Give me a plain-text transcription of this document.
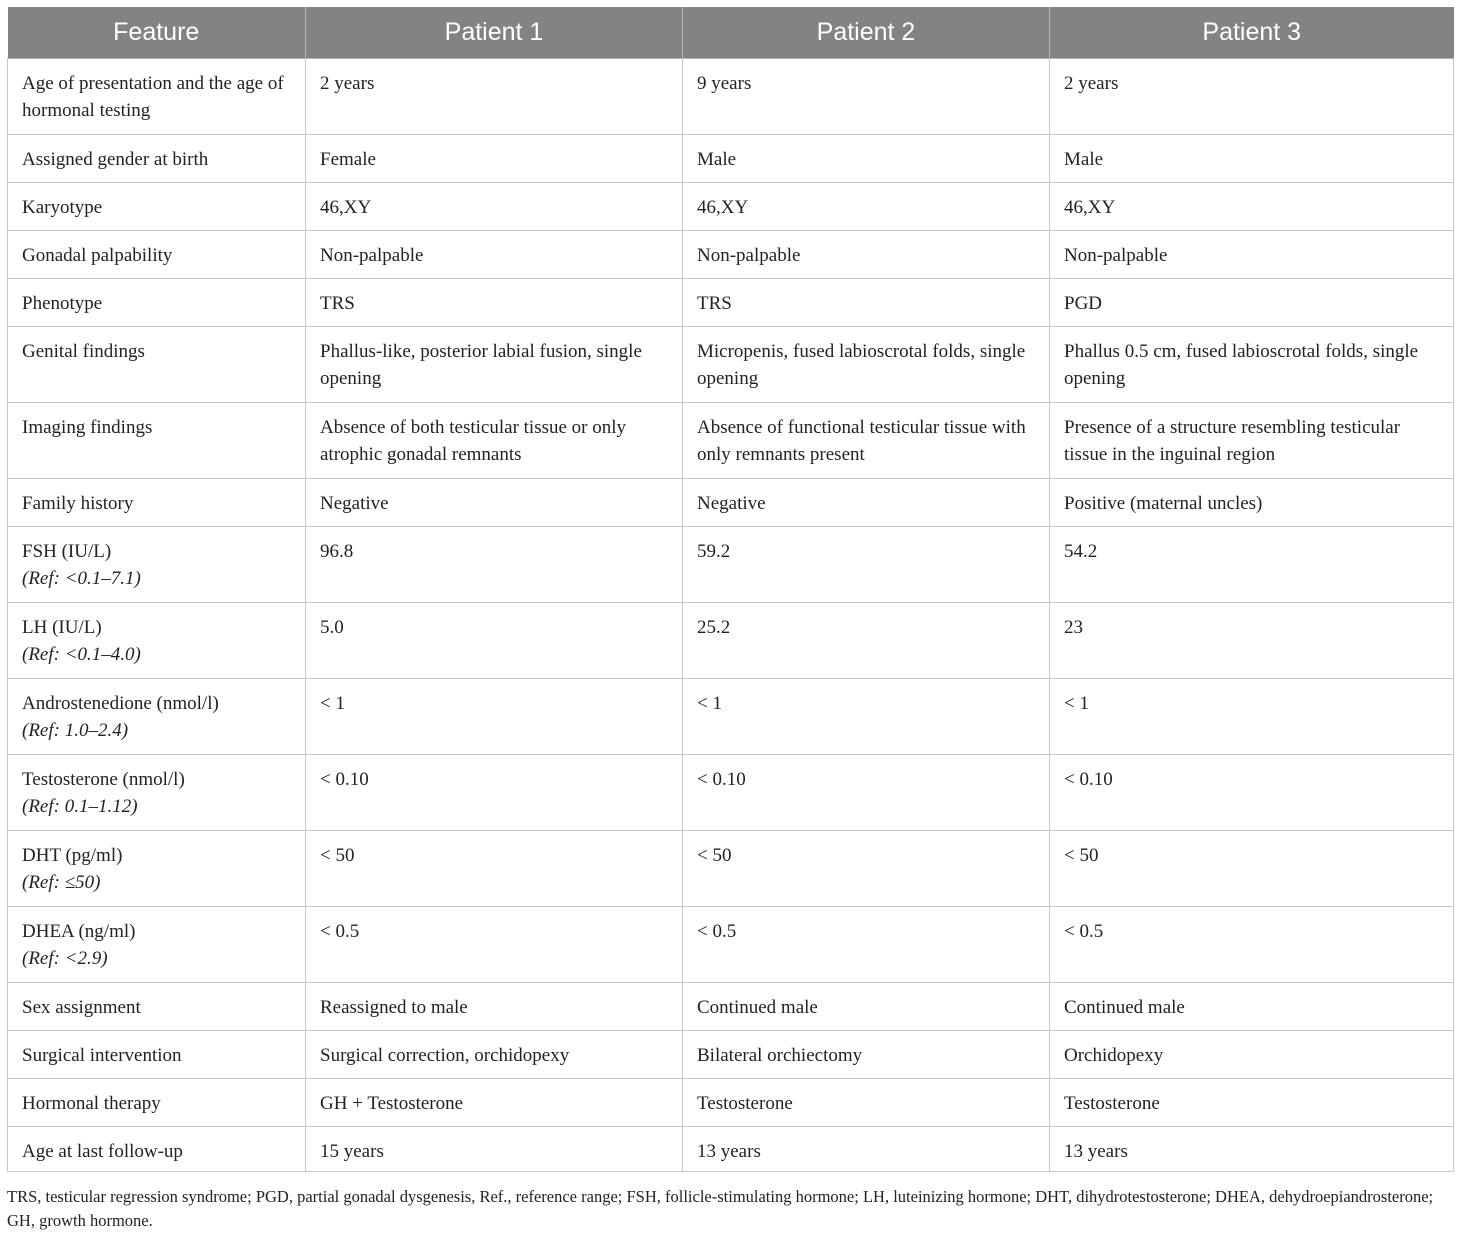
Feature	Patient 1	Patient 2	Patient 3
Age of presentation and the age of hormonal testing	2 years	9 years	2 years
Assigned gender at birth	Female	Male	Male
Karyotype	46,XY	46,XY	46,XY
Gonadal palpability	Non-palpable	Non-palpable	Non-palpable
Phenotype	TRS	TRS	PGD
Genital findings	Phallus-like, posterior labial fusion, single opening	Micropenis, fused labioscrotal folds, single opening	Phallus 0.5 cm, fused labioscrotal folds, single opening
Imaging findings	Absence of both testicular tissue or only atrophic gonadal remnants	Absence of functional testicular tissue with only remnants present	Presence of a structure resembling testicular tissue in the inguinal region
Family history	Negative	Negative	Positive (maternal uncles)
FSH (IU/L)
(Ref: <0.1–7.1)	96.8	59.2	54.2
LH (IU/L)
(Ref: <0.1–4.0)	5.0	25.2	23
Androstenedione (nmol/l)
(Ref: 1.0–2.4)	< 1	< 1	< 1
Testosterone (nmol/l)
(Ref: 0.1–1.12)	< 0.10	< 0.10	< 0.10
DHT (pg/ml)
(Ref: ≤50)	< 50	< 50	< 50
DHEA (ng/ml)
(Ref: <2.9)	< 0.5	< 0.5	< 0.5
Sex assignment	Reassigned to male	Continued male	Continued male
Surgical intervention	Surgical correction, orchidopexy	Bilateral orchiectomy	Orchidopexy
Hormonal therapy	GH + Testosterone	Testosterone	Testosterone
Age at last follow-up	15 years	13 years	13 years
TRS, testicular regression syndrome; PGD, partial gonadal dysgenesis, Ref., reference range; FSH, follicle-stimulating hormone; LH, luteinizing hormone; DHT, dihydrotestosterone; DHEA, dehydroepiandrosterone; GH, growth hormone.
